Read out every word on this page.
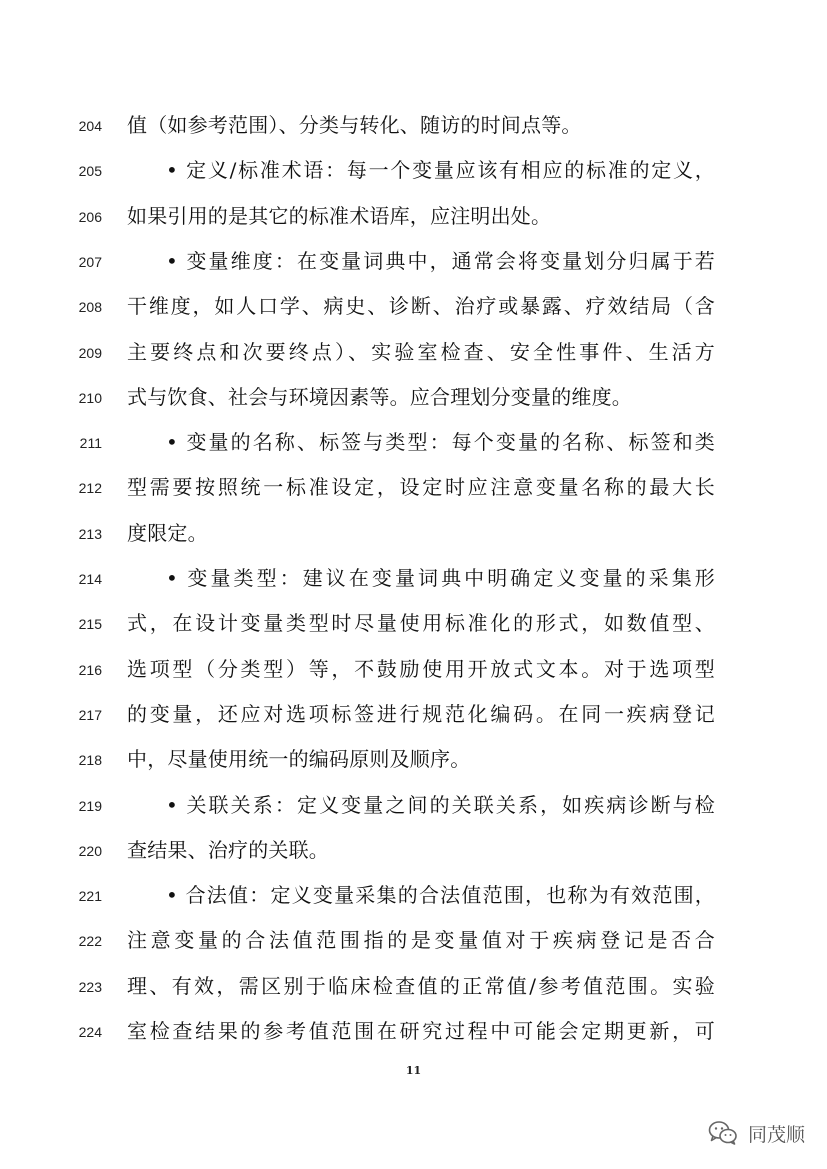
204 值（如参考范围）、分类与转化、随访的时间点等。
205	• 定义/标准术语：每一个变量应该有相应的标准的定义，
206 如果引用的是其它的标准术语库，应注明出处。
207	• 变量维度：在变量词典中，通常会将变量划分归属于若
208 干维度，如人口学、病史、诊断、治疗或暴露、疗效结局（含
209 主要终点和次要终点）、实验室检查、安全性事件、生活方
210 式与饮食、社会与环境因素等。应合理划分变量的维度。
211	• 变量的名称、标签与类型：每个变量的名称、标签和类
212 型需要按照统一标准设定，设定时应注意变量名称的最大长
213 度限定。
214	• 变量类型：建议在变量词典中明确定义变量的采集形
215 式，在设计变量类型时尽量使用标准化的形式，如数值型、
216 选项型（分类型）等，不鼓励使用开放式文本。对于选项型
217 的变量，还应对选项标签进行规范化编码。在同一疾病登记
218 中，尽量使用统一的编码原则及顺序。
219	• 关联关系：定义变量之间的关联关系，如疾病诊断与检
220 查结果、治疗的关联。
221	• 合法值：定义变量采集的合法值范围，也称为有效范围，
222 注意变量的合法值范围指的是变量值对于疾病登记是否合
223 理、有效，需区别于临床检查值的正常值/参考值范围。实验
224 室检查结果的参考值范围在研究过程中可能会定期更新，可
11
同茂顺
